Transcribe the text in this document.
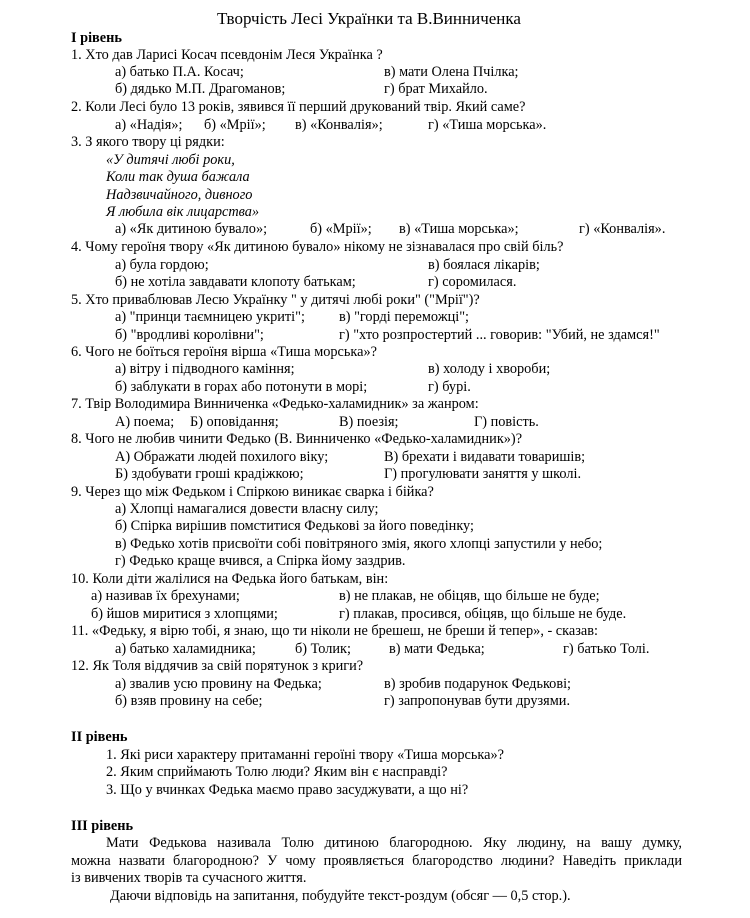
Творчість Лесі Українки та В.Винниченка
І рівень
1. Хто дав Ларисі Косач псевдонім Леся Українка ?
а) батько П.А. Косач;	в) мати Олена Пчілка;
б) дядько М.П. Драгоманов;	г) брат Михайло.
2. Коли Лесі було 13 років, зявився її перший друкований твір. Який саме?
а) «Надія»; б) «Мрії»; в) «Конвалія»;	г) «Тиша морська».
3. З якого твору ці рядки:
«У дитячі любі роки,
Коли так душа бажала
Надзвичайного, дивного
Я любила вік лицарства»
а) «Як дитиною бувало»;	б) «Мрії»; в) «Тиша морська»;	г) «Конвалія».
4. Чому героїня твору «Як дитиною бувало» нікому не зізнавалася про свій біль?
а) була гордою;	в) боялася лікарів;
б) не хотіла завдавати клопоту батькам;	г) соромилася.
5. Хто приваблював Лесю Українку " у дитячі любі роки" ("Мрії")?
а) "принци таємницею укриті"; в) "горді переможці";
б) "вродливі королівни";	г) "хто розпростертий ... говорив: "Убий, не здамся!"
6. Чого не боїться героїня вірша «Тиша морська»?
а) вітру і підводного каміння;	в) холоду і хвороби;
б) заблукати в горах або потонути в морі;	г) бурі.
7. Твір Володимира Винниченка «Федько-халамидник» за жанром:
А) поема; Б) оповідання;	В) поезія;	Г) повість.
8. Чого не любив чинити Федько (В. Винниченко «Федько-халамидник»)?
А) Ображати людей похилого віку;	В) брехати і видавати товаришів;
Б) здобувати гроші крадіжкою;	Г) прогулювати заняття у школі.
9. Через що між Федьком і Спіркою виникає сварка і бійка?
а) Хлопці намагалися довести власну силу;
б) Спірка вирішив помститися Федькові за його поведінку;
в) Федько хотів присвоїти собі повітряного змія, якого хлопці запустили у небо;
г) Федько краще вчився, а Спірка йому заздрив.
10. Коли діти жалілися на Федька його батькам, він:
а) називав їх брехунами;	в) не плакав, не обіцяв, що більше не буде;
б) йшов миритися з хлопцями;	г) плакав, просився, обіцяв, що більше не буде.
11. «Федьку, я вірю тобі, я знаю, що ти ніколи не брешеш, не бреши й тепер», - сказав:
а) батько халамидника;	б) Толик;	в) мати Федька;	г) батько Толі.
12. Як Толя віддячив за свій порятунок з криги?
а) звалив усю провину на Федька;	в) зробив подарунок Федькові;
б) взяв провину на себе;	г) запропонував бути друзями.
ІІ рівень
1. Які риси характеру притаманні героїні твору «Тиша морська»?
2. Яким сприймають Толю люди? Яким він є насправді?
3. Що у вчинках Федька маємо право засуджувати, а що ні?
ІІІ рівень
Мати Федькова називала Толю дитиною благородною. Яку людину, на вашу думку,
можна назвати благородною? У чому проявляється благородство людини? Наведіть приклади
із вивчених творів та сучасного життя.
Даючи відповідь на запитання, побудуйте текст-роздум (обсяг — 0,5 стор.).
